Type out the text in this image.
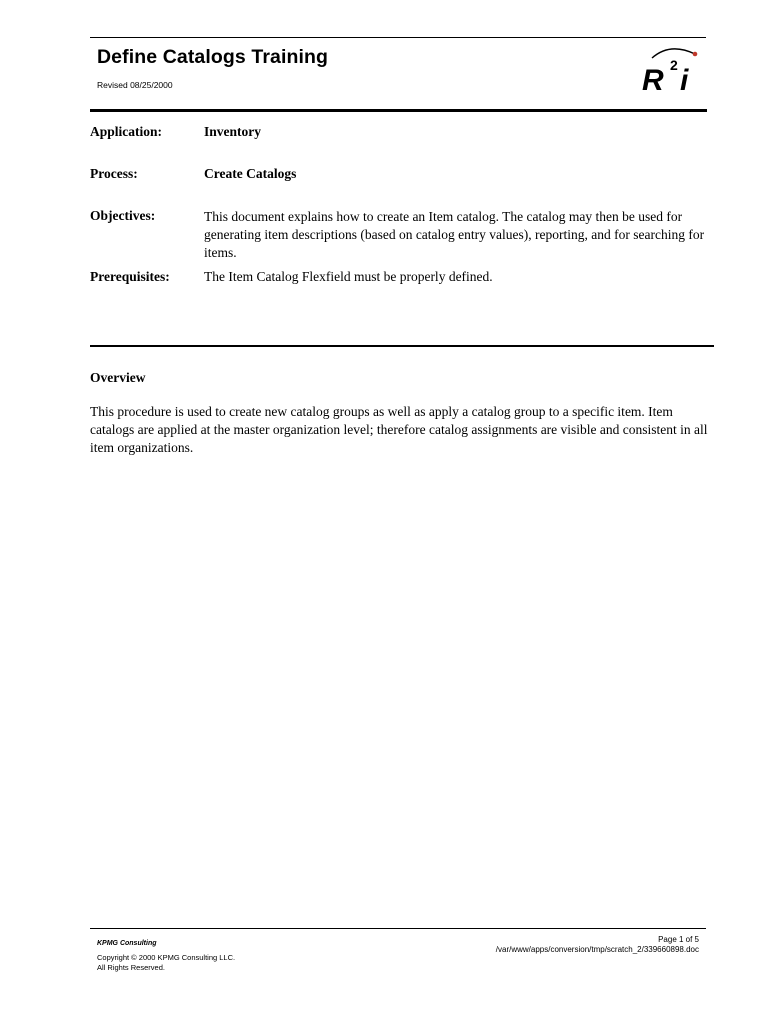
Define Catalogs Training
Revised 08/25/2000	R 2 i
Application:	Inventory
Process:	Create Catalogs
Objectives:	This document explains how to create an Item catalog. The catalog may then be used for generating item descriptions (based on catalog entry values), reporting, and for searching for items.
Prerequisites:	The Item Catalog Flexfield must be properly defined.
Overview
This procedure is used to create new catalog groups as well as apply a catalog group to a specific item. Item catalogs are applied at the master organization level; therefore catalog assignments are visible and consistent in all item organizations.
KPMG Consulting
Copyright © 2000 KPMG Consulting LLC.
All Rights Reserved.
Page 1 of 5
/var/www/apps/conversion/tmp/scratch_2/339660898.doc
